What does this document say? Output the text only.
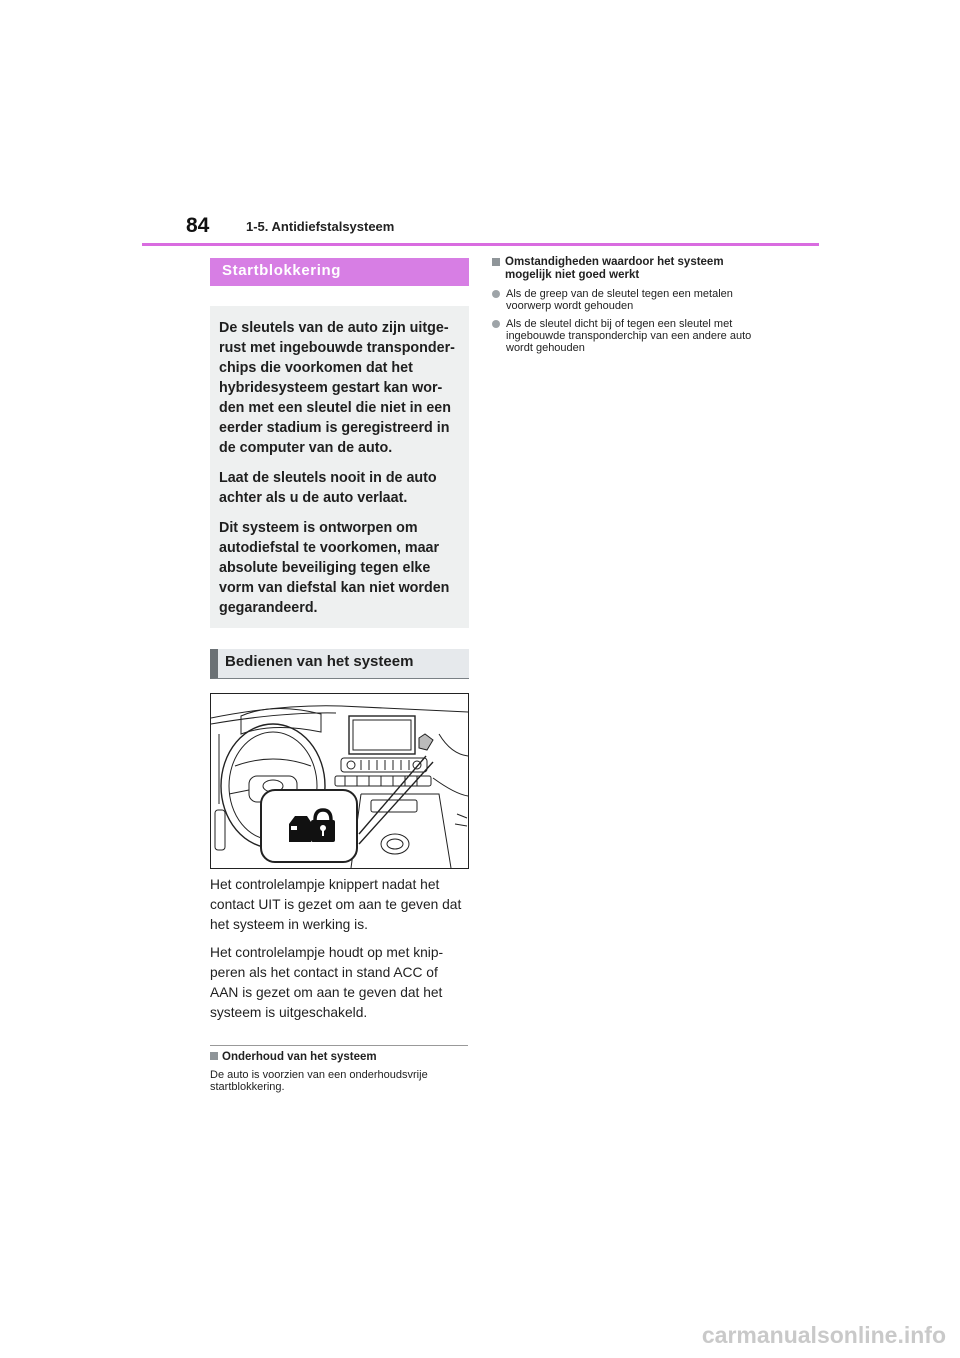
84	1-5. Antidiefstalsysteem
Startblokkering

De sleutels van de auto zijn uitge-rust met ingebouwde transponder-chips die voorkomen dat het hybridesysteem gestart kan wor-den met een sleutel die niet in een eerder stadium is geregistreerd in de computer van de auto.

Laat de sleutels nooit in de auto achter als u de auto verlaat.

Dit systeem is ontworpen om autodiefstal te voorkomen, maar absolute beveiliging tegen elke vorm van diefstal kan niet worden gegarandeerd.

Bedienen van het systeem

Het controlelampje knippert nadat het contact UIT is gezet om aan te geven dat het systeem in werking is.

Het controlelampje houdt op met knip-peren als het contact in stand ACC of AAN is gezet om aan te geven dat het systeem is uitgeschakeld.

Onderhoud van het systeem
De auto is voorzien van een onderhoudsvrije startblokkering.
Omstandigheden waardoor het systeem mogelijk niet goed werkt
Als de greep van de sleutel tegen een metalen voorwerp wordt gehouden
Als de sleutel dicht bij of tegen een sleutel met ingebouwde transponderchip van een andere auto wordt gehouden
carmanualsonline.info
